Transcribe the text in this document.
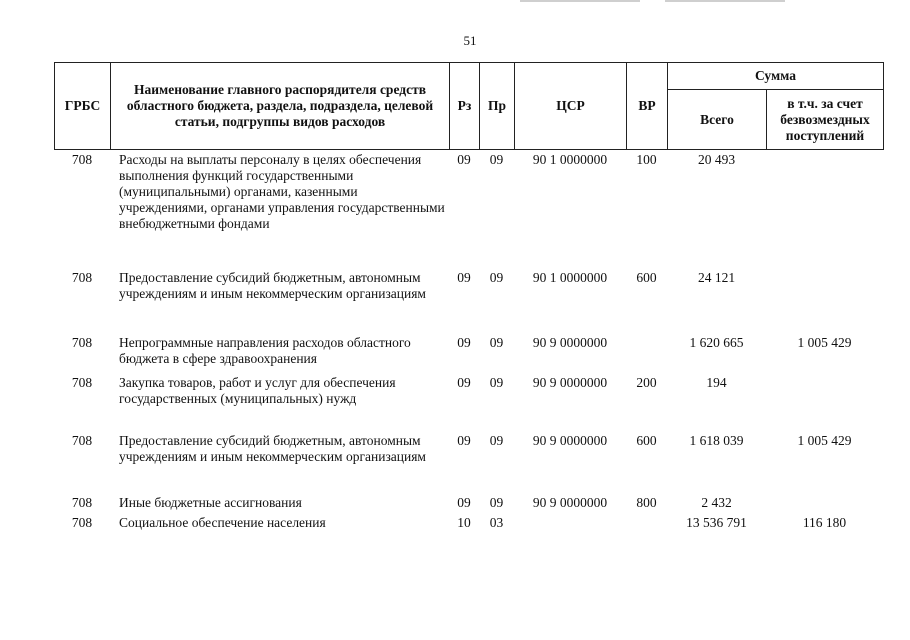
51
ГРБС	Наименование главного распорядителя средств областного бюджета, раздела, подраздела, целевой статьи, подгруппы видов расходов	Рз	Пр	ЦСР	ВР	Сумма	
						Всего	в т.ч. за счет безвозмездных поступлений
708	Расходы на выплаты персоналу в целях обеспечения выполнения функций государственными (муниципальными) органами, казенными учреждениями, органами управления государственными внебюджетными фондами	09	09	90 1 0000000	100	20 493	
708	Предоставление субсидий бюджетным, автономным учреждениям и иным некоммерческим организациям	09	09	90 1 0000000	600	24 121	
708	Непрограммные направления расходов областного бюджета в сфере здравоохранения	09	09	90 9 0000000		1 620 665	1 005 429
708	Закупка товаров, работ и услуг для обеспечения государственных (муниципальных) нужд	09	09	90 9 0000000	200	194	
708	Предоставление субсидий бюджетным, автономным учреждениям и иным некоммерческим организациям	09	09	90 9 0000000	600	1 618 039	1 005 429
708	Иные бюджетные ассигнования	09	09	90 9 0000000	800	2 432	
708	Социальное обеспечение населения	10	03			13 536 791	116 180
